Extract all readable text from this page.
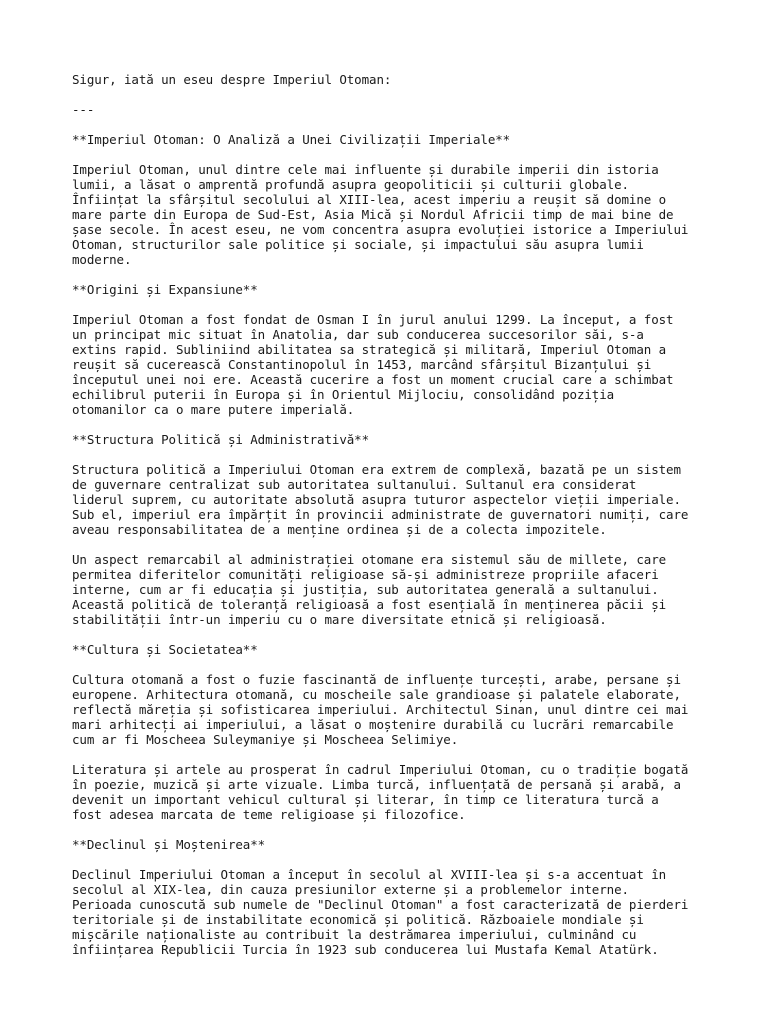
Sigur, iată un eseu despre Imperiul Otoman:

---

**Imperiul Otoman: O Analiză a Unei Civilizații Imperiale**

Imperiul Otoman, unul dintre cele mai influente și durabile imperii din istoria
lumii, a lăsat o amprentă profundă asupra geopoliticii și culturii globale.
Înființat la sfârșitul secolului al XIII-lea, acest imperiu a reușit să domine o
mare parte din Europa de Sud-Est, Asia Mică și Nordul Africii timp de mai bine de
șase secole. În acest eseu, ne vom concentra asupra evoluției istorice a Imperiului
Otoman, structurilor sale politice și sociale, și impactului său asupra lumii
moderne.

**Origini și Expansiune**

Imperiul Otoman a fost fondat de Osman I în jurul anului 1299. La început, a fost
un principat mic situat în Anatolia, dar sub conducerea succesorilor săi, s-a
extins rapid. Subliniind abilitatea sa strategică și militară, Imperiul Otoman a
reușit să cucerească Constantinopolul în 1453, marcând sfârșitul Bizanțului și
începutul unei noi ere. Această cucerire a fost un moment crucial care a schimbat
echilibrul puterii în Europa și în Orientul Mijlociu, consolidând poziția
otomanilor ca o mare putere imperială.

**Structura Politică și Administrativă**

Structura politică a Imperiului Otoman era extrem de complexă, bazată pe un sistem
de guvernare centralizat sub autoritatea sultanului. Sultanul era considerat
liderul suprem, cu autoritate absolută asupra tuturor aspectelor vieții imperiale.
Sub el, imperiul era împărțit în provincii administrate de guvernatori numiți, care
aveau responsabilitatea de a menține ordinea și de a colecta impozitele.

Un aspect remarcabil al administrației otomane era sistemul său de millete, care
permitea diferitelor comunități religioase să-și administreze propriile afaceri
interne, cum ar fi educația și justiția, sub autoritatea generală a sultanului.
Această politică de toleranță religioasă a fost esențială în menținerea păcii și
stabilității într-un imperiu cu o mare diversitate etnică și religioasă.

**Cultura și Societatea**

Cultura otomană a fost o fuzie fascinantă de influențe turcești, arabe, persane și
europene. Arhitectura otomană, cu moscheile sale grandioase și palatele elaborate,
reflectă măreția și sofisticarea imperiului. Architectul Sinan, unul dintre cei mai
mari arhitecți ai imperiului, a lăsat o moștenire durabilă cu lucrări remarcabile
cum ar fi Moscheea Suleymaniye și Moscheea Selimiye.

Literatura și artele au prosperat în cadrul Imperiului Otoman, cu o tradiție bogată
în poezie, muzică și arte vizuale. Limba turcă, influențată de persană și arabă, a
devenit un important vehicul cultural și literar, în timp ce literatura turcă a
fost adesea marcata de teme religioase și filozofice.

**Declinul și Moștenirea**

Declinul Imperiului Otoman a început în secolul al XVIII-lea și s-a accentuat în
secolul al XIX-lea, din cauza presiunilor externe și a problemelor interne.
Perioada cunoscută sub numele de "Declinul Otoman" a fost caracterizată de pierderi
teritoriale și de instabilitate economică și politică. Războaiele mondiale și
mișcările naționaliste au contribuit la destrămarea imperiului, culminând cu
înființarea Republicii Turcia în 1923 sub conducerea lui Mustafa Kemal Atatürk.
